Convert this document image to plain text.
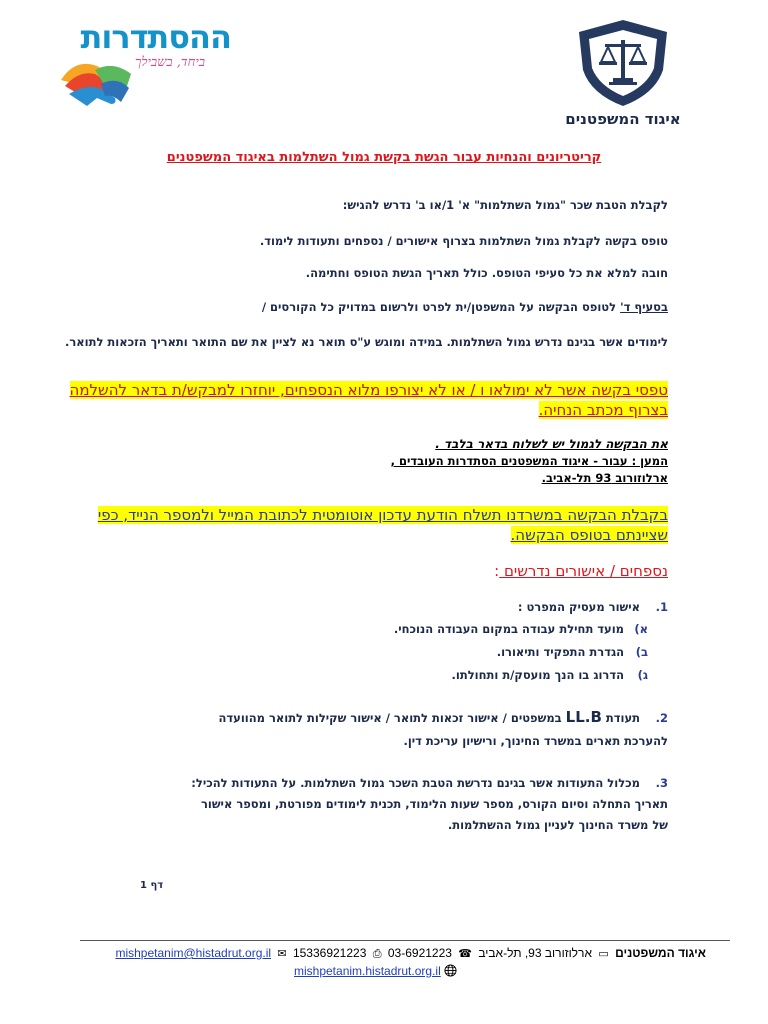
ההסתדרות
ביחד, בשבילך
איגוד המשפטנים
קריטריונים והנחיות עבור הגשת בקשת גמול השתלמות באיגוד המשפטנים
לקבלת הטבת שכר "גמול השתלמות" א' 1/או ב' נדרש להגיש:
טופס בקשה לקבלת גמול השתלמות בצרוף אישורים / נספחים ותעודות לימוד.
חובה למלא את כל סעיפי הטופס. כולל תאריך הגשת הטופס וחתימה.
בסעיף ד' לטופס הבקשה על המשפטן/ית לפרט ולרשום במדויק כל הקורסים /
לימודים אשר בגינם נדרש גמול השתלמות. במידה ומוגש ע"ס תואר נא לציין את שם התואר ותאריך הזכאות לתואר.
טפסי בקשה אשר לא ימולאו ו / או לא יצורפו מלוא הנספחים, יוחזרו למבקש/ת בדאר להשלמה בצרוף מכתב הנחיה.
את הבקשה לגמול יש לשלוח בדאר בלבד .
המען : עבור - איגוד המשפטנים הסתדרות העובדים ,
ארלוזורוב 93 תל-אביב.
בקבלת הבקשה במשרדנו תשלח הודעת עדכון אוטומטית לכתובת המייל ולמספר הנייד, כפי שציינתם בטופס הבקשה.
נספחים / אישורים נדרשים :
1.אישור מעסיק המפרט :
א)מועד תחילת עבודה במקום העבודה הנוכחי.
ב)הגדרת התפקיד ותיאורו.
ג)הדרוג בו הנך מועסק/ת ותחולתו.
2.תעודת LL.B במשפטים / אישור זכאות לתואר / אישור שקילות לתואר מהוועדה
להערכת תארים במשרד החינוך, ורישיון עריכת דין.
3.מכלול התעודות אשר בגינם נדרשת הטבת השכר גמול השתלמות. על התעודות להכיל:
תאריך התחלה וסיום הקורס, מספר שעות הלימוד, תכנית לימודים מפורטת, ומספר אישור
של משרד החינוך לעניין גמול ההשתלמות.
דף 1
איגוד המשפטנים ▭ ארלוזורוב 93, תל-אביב ☎ 03-6921223 ⎙ 15336921223 ✉ mishpetanim@histadrut.org.il
mishpetanim.histadrut.org.il
